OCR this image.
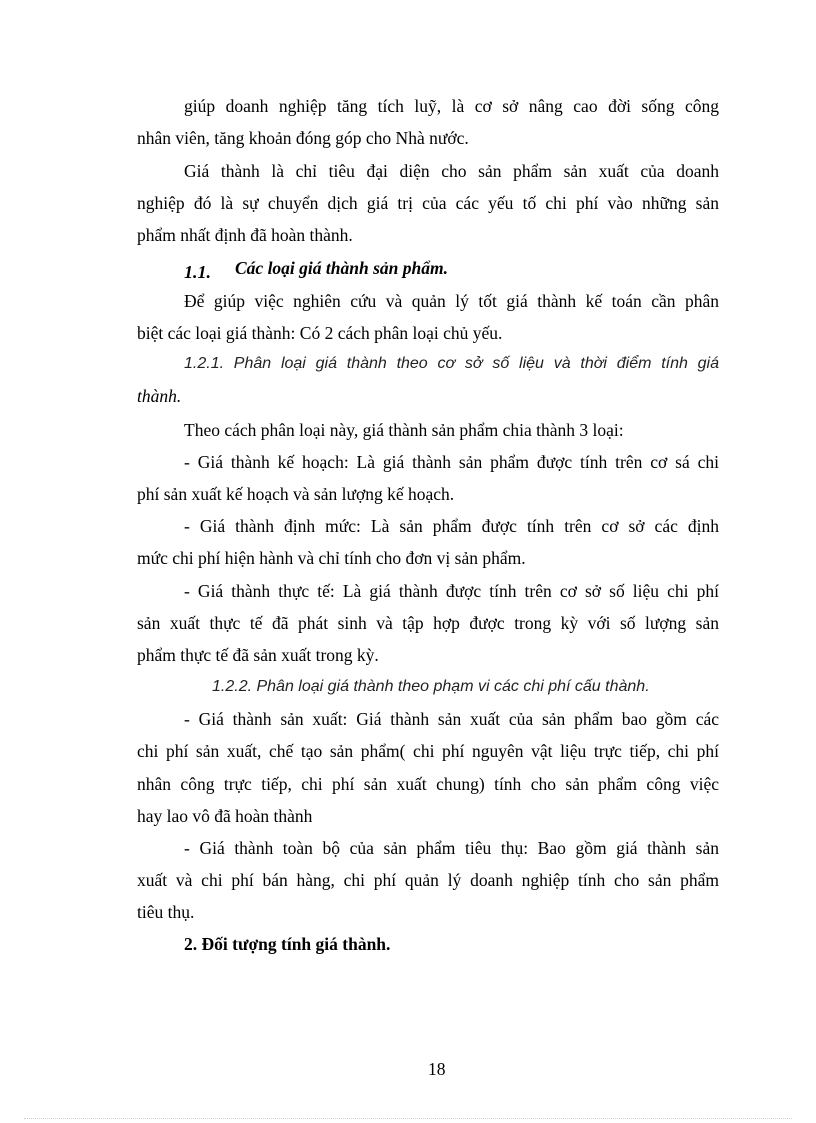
giúp doanh nghiệp tăng tích luỹ, là cơ sở nâng cao đời sống công
nhân viên, tăng khoản đóng góp cho Nhà nước.
Giá thành là chỉ tiêu đại diện cho sản phẩm sản xuất của doanh
nghiệp đó là sự chuyển dịch giá trị của các yếu tố chi phí vào những sản
phẩm nhất định đã hoàn thành.
1.1. Các loại giá thành sản phẩm.
Để giúp việc nghiên cứu và quản lý tốt giá thành kế toán cần phân
biệt các loại giá thành: Có 2 cách phân loại chủ yếu.
1.2.1. Phân loại giá thành theo cơ sở số liệu và thời điểm tính giá
thành.
Theo cách phân loại này, giá thành sản phẩm chia thành 3 loại:
- Giá thành kế hoạch: Là giá thành sản phẩm được tính trên cơ sá chi
phí sản xuất kế hoạch và sản lượng kế hoạch.
- Giá thành định mức: Là sản phẩm được tính trên cơ sở các định
mức chi phí hiện hành và chỉ tính cho đơn vị sản phẩm.
- Giá thành thực tế: Là giá thành được tính trên cơ sở số liệu chi phí
sản xuất thực tế đã phát sinh và tập hợp được trong kỳ với số lượng sản
phẩm thực tế đã sản xuất trong kỳ.
1.2.2. Phân loại giá thành theo phạm vi các chi phí cấu thành.
- Giá thành sản xuất: Giá thành sản xuất của sản phẩm bao gồm các
chi phí sản xuất, chế tạo sản phẩm( chi phí nguyên vật liệu trực tiếp, chi phí
nhân công trực tiếp, chi phí sản xuất chung) tính cho sản phẩm công việc
hay lao vô đã hoàn thành
- Giá thành toàn bộ của sản phẩm tiêu thụ: Bao gồm giá thành sản
xuất và chi phí bán hàng, chi phí quản lý doanh nghiệp tính cho sản phẩm
tiêu thụ.
2. Đối tượng tính giá thành.
18
